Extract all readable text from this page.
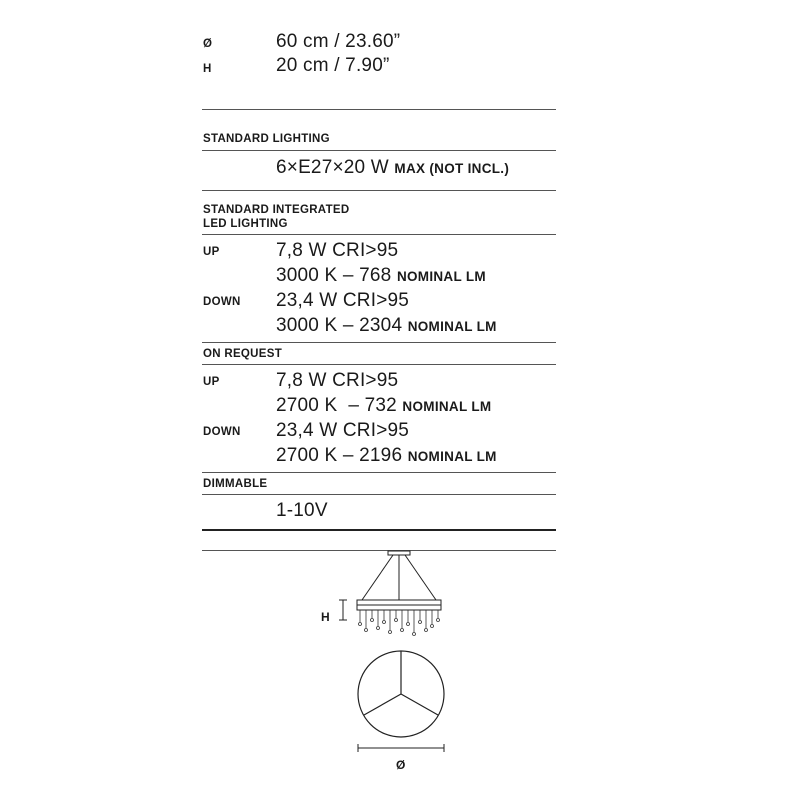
Ø	60 cm / 23.60”
H	20 cm / 7.90”
STANDARD LIGHTING
6×E27×20 W MAX (NOT INCL.)
STANDARD INTEGRATED
LED LIGHTING
UP	7,8 W CRI>95
3000 K – 768 NOMINAL LM
DOWN 23,4 W CRI>95
3000 K – 2304 NOMINAL LM
ON REQUEST
UP	7,8 W CRI>95
2700 K  – 732 NOMINAL LM
DOWN 23,4 W CRI>95
2700 K – 2196 NOMINAL LM
DIMMABLE
1-10V
H
Ø
